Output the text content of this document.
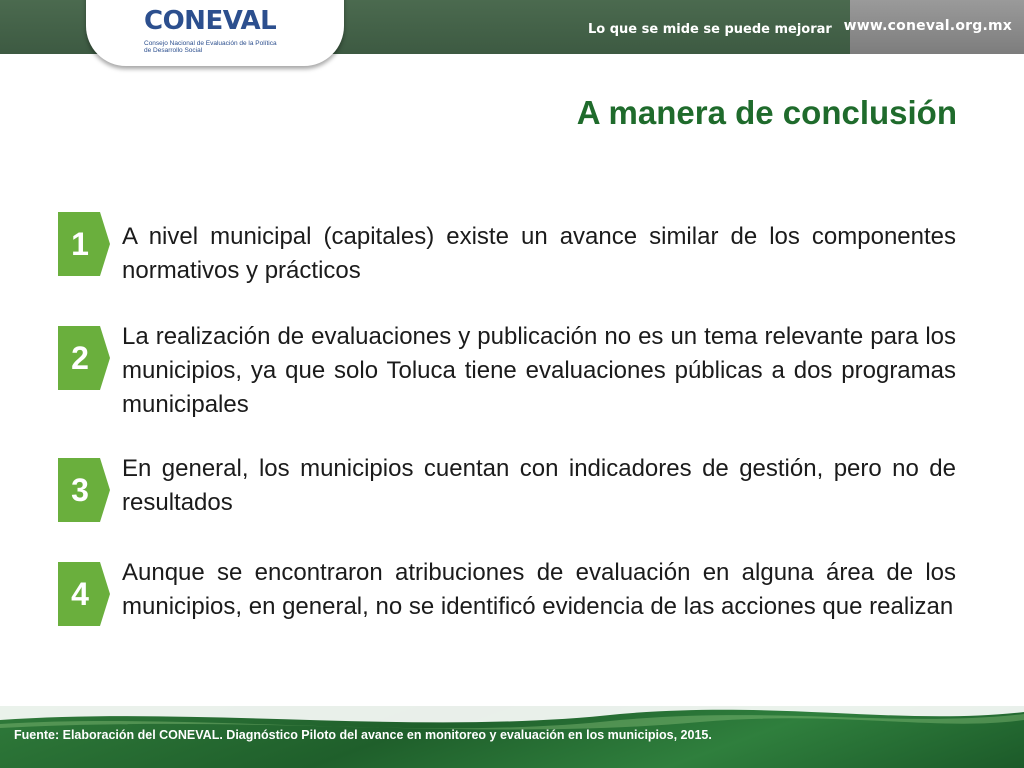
Lo que se mide se puede mejorar www.coneval.org.mx
CONEVAL
Consejo Nacional de Evaluación de la Política de Desarrollo Social
A manera de conclusión
1	A nivel municipal (capitales) existe un avance similar de los componentes normativos y prácticos
2
La realización de evaluaciones y publicación no es un tema relevante para los municipios, ya que solo Toluca tiene evaluaciones públicas a dos programas municipales
3
En general, los municipios cuentan con indicadores de gestión, pero no de resultados
4
Aunque se encontraron atribuciones de evaluación en alguna área de los municipios, en general, no se identificó evidencia de las acciones que realizan
Fuente: Elaboración del CONEVAL. Diagnóstico Piloto del avance en monitoreo y evaluación en los municipios, 2015.
